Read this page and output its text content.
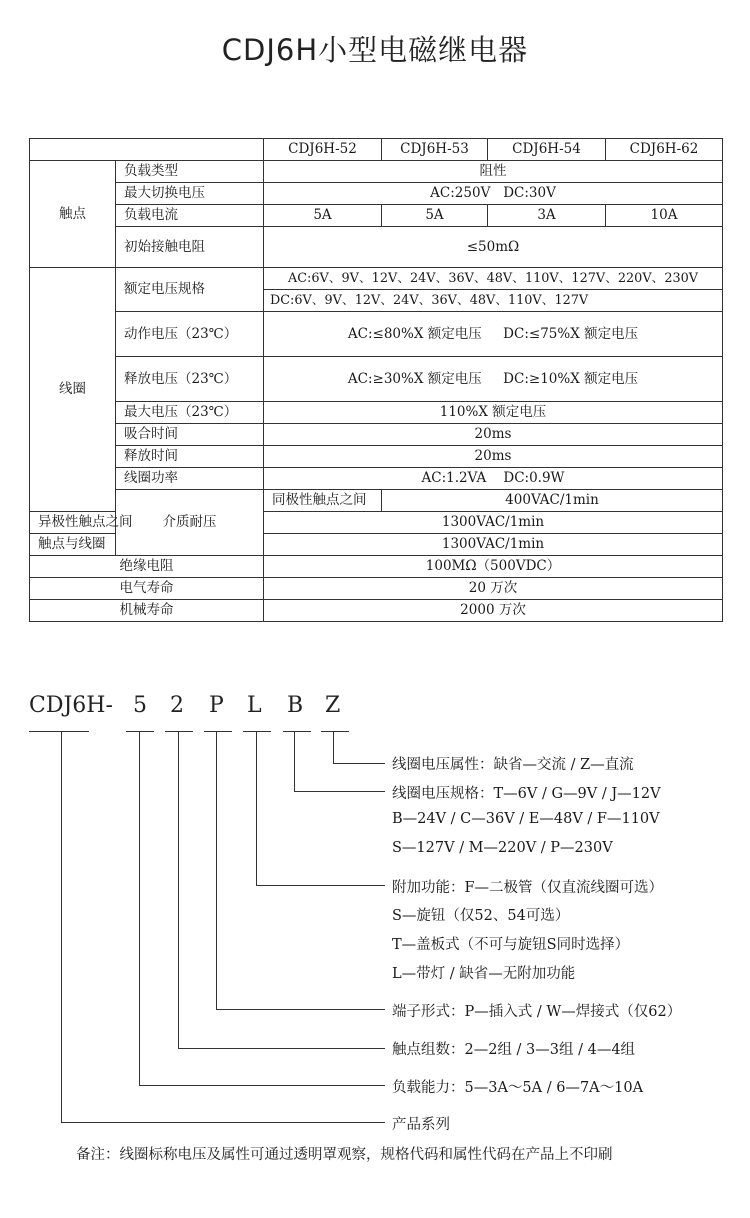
CDJ6H小型电磁继电器
		CDJ6H-52	CDJ6H-53	CDJ6H-54	CDJ6H-62
触点	负载类型	阻性			
	最大切换电压	AC:250V   DC:30V			
	负载电流	5A	5A	3A	10A
	初始接触电阻	≤50mΩ			
线圈	额定电压规格	AC:6V、9V、12V、24V、36V、48V、110V、127V、220V、230V			
		DC:6V、9V、12V、24V、36V、48V、110V、127V			
	动作电压（23℃）	AC:≤80%X 额定电压     DC:≤75%X 额定电压			
	释放电压（23℃）	AC:≥30%X 额定电压     DC:≥10%X 额定电压			
	最大电压（23℃）	110%X 额定电压			
	吸合时间	20ms			
	释放时间	20ms			
	线圈功率	AC:1.2VA    DC:0.9W			
	介质耐压	同极性触点之间	400VAC/1min		
异极性触点之间		1300VAC/1min			
触点与线圈		1300VAC/1min			
绝缘电阻		100MΩ（500VDC）			
电气寿命		20 万次			
机械寿命		2000 万次			
CDJ6H- 5 2 P L B Z
线圈电压属性：缺省—交流 / Z—直流
线圈电压规格：T—6V / G—9V / J—12V
B—24V / C—36V / E—48V / F—110V
S—127V / M—220V / P—230V
附加功能：F—二极管（仅直流线圈可选）
S—旋钮（仅52、54可选）
T—盖板式（不可与旋钮S同时选择）
L—带灯 / 缺省—无附加功能
端子形式：P—插入式 / W—焊接式（仅62）
触点组数：2—2组 / 3—3组 / 4—4组
负载能力：5—3A～5A / 6—7A～10A
产品系列
备注：线圈标称电压及属性可通过透明罩观察，规格代码和属性代码在产品上不印刷
